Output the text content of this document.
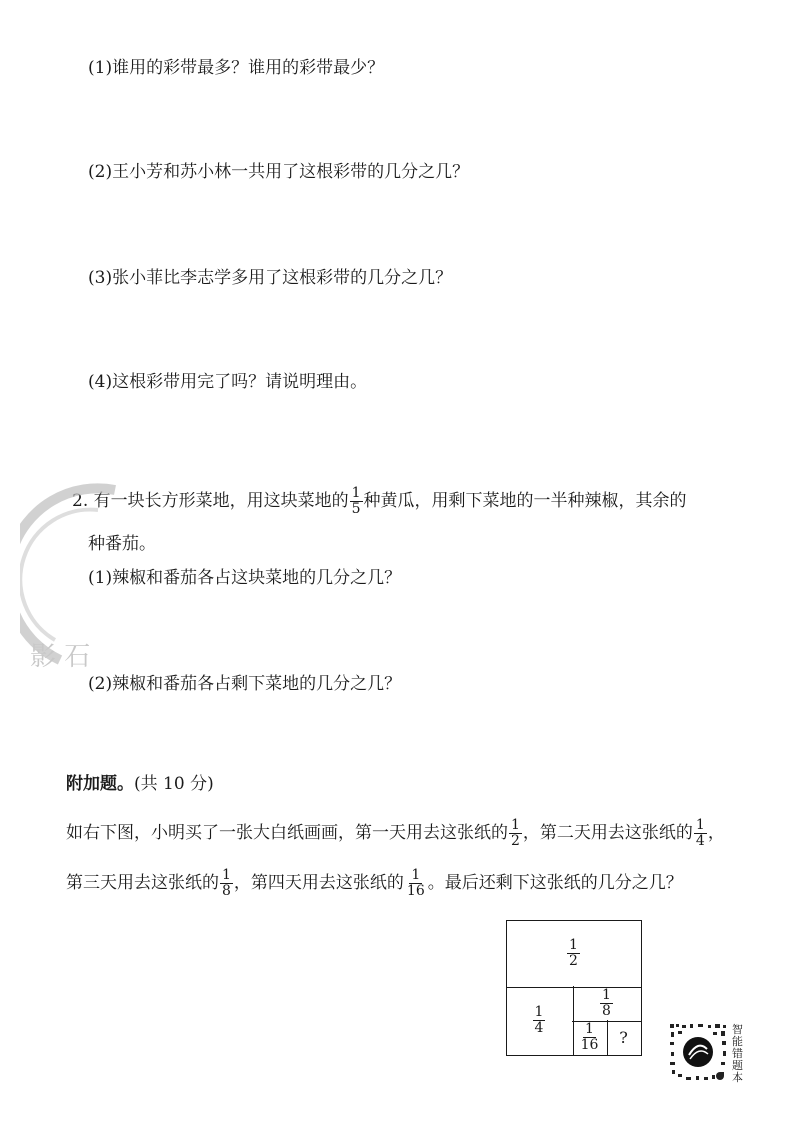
(1)谁用的彩带最多？谁用的彩带最少？
(2)王小芳和苏小林一共用了这根彩带的几分之几？
(3)张小菲比李志学多用了这根彩带的几分之几？
(4)这根彩带用完了吗？请说明理由。
2. 有一块长方形菜地，用这块菜地的 $\frac{1}{5}$ 种黄瓜，用剩下菜地的一半种辣椒，其余的
种番茄。
(1)辣椒和番茄各占这块菜地的几分之几？
(2)辣椒和番茄各占剩下菜地的几分之几？
影 石
附加题。(共 10 分)
如右下图，小明买了一张大白纸画画，第一天用去这张纸的 $\frac{1}{2}$ ，第二天用去这张纸的 $\frac{1}{4}$ ，
第三天用去这张纸的 $\frac{1}{8}$ ，第四天用去这张纸的 $\frac{1}{16}$ 。最后还剩下这张纸的几分之几？
$\frac{1}{2}$
$\frac{1}{4}$
$\frac{1}{8}$
$\frac{1}{16}$	?	智能错题本
